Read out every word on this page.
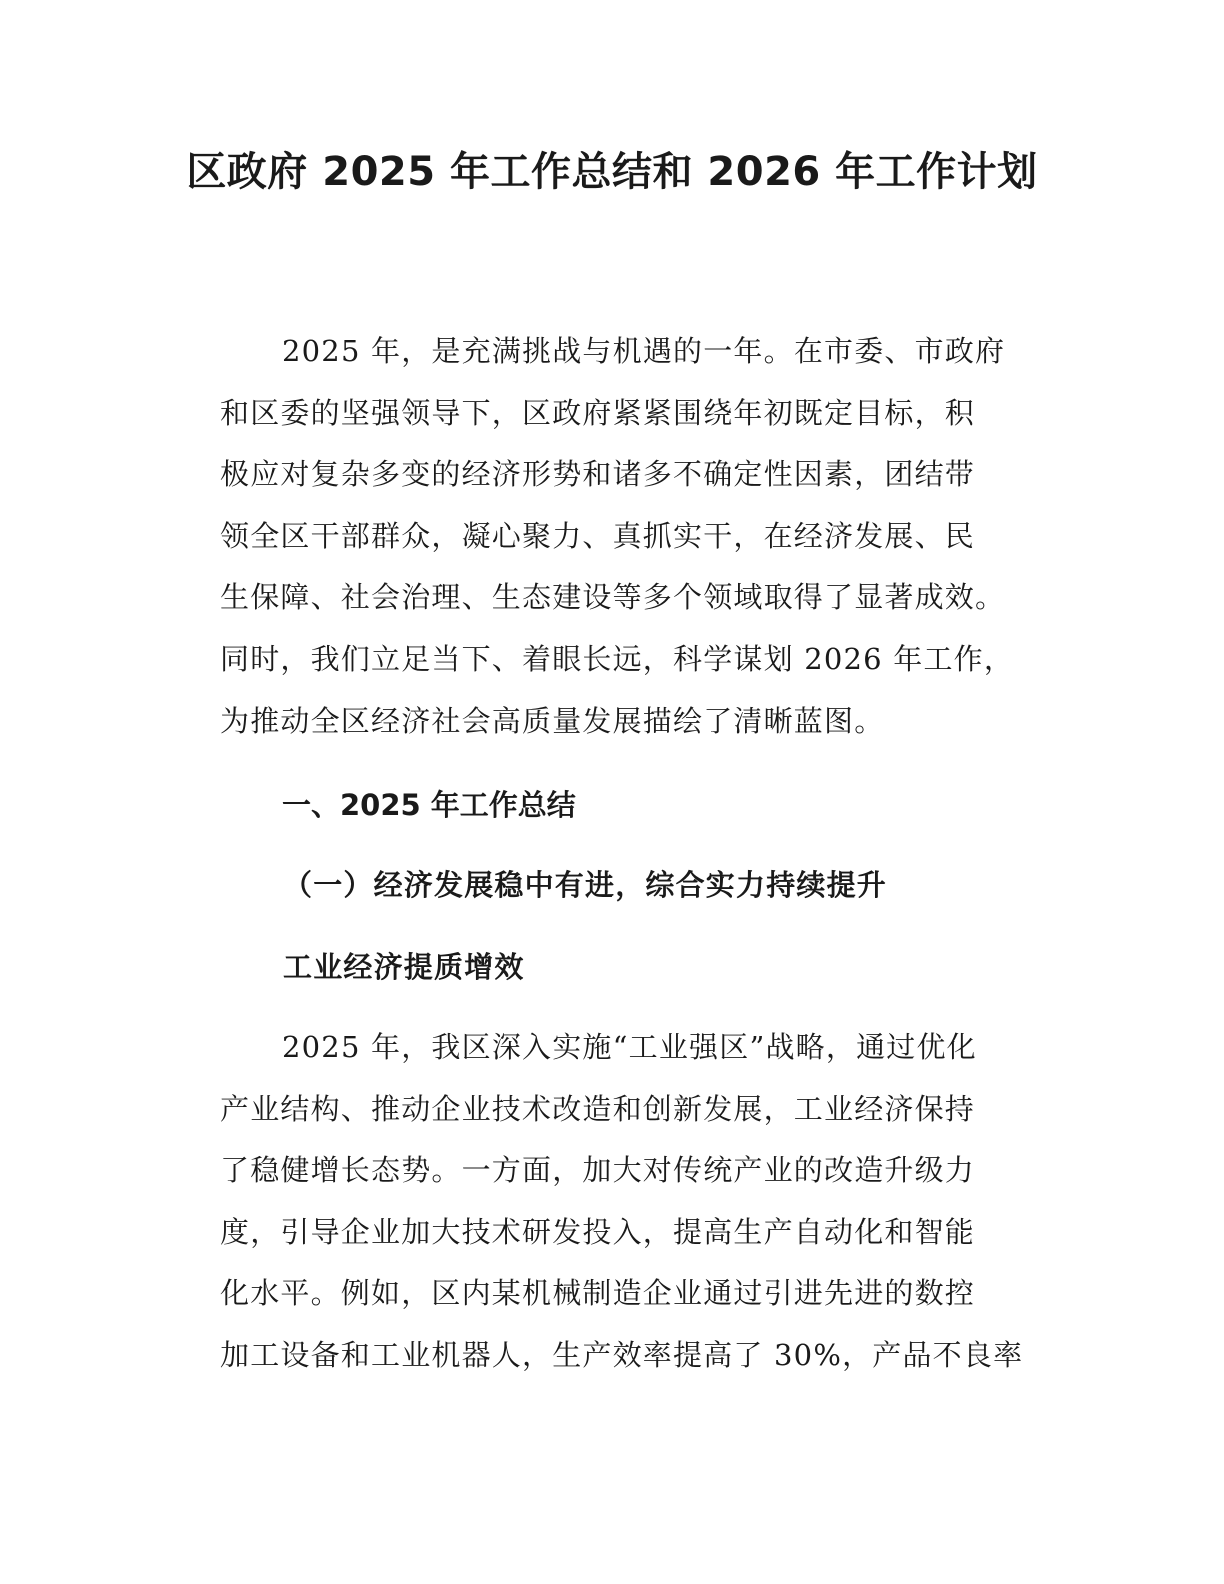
区政府 2025 年工作总结和 2026 年工作计划
2025 年，是充满挑战与机遇的一年。在市委、市政府
和区委的坚强领导下，区政府紧紧围绕年初既定目标，积
极应对复杂多变的经济形势和诸多不确定性因素，团结带
领全区干部群众，凝心聚力、真抓实干，在经济发展、民
生保障、社会治理、生态建设等多个领域取得了显著成效。
同时，我们立足当下、着眼长远，科学谋划 2026 年工作，
为推动全区经济社会高质量发展描绘了清晰蓝图。
一、2025 年工作总结
（一）经济发展稳中有进，综合实力持续提升
工业经济提质增效
2025 年，我区深入实施“工业强区”战略，通过优化
产业结构、推动企业技术改造和创新发展，工业经济保持
了稳健增长态势。一方面，加大对传统产业的改造升级力
度，引导企业加大技术研发投入，提高生产自动化和智能
化水平。例如，区内某机械制造企业通过引进先进的数控
加工设备和工业机器人，生产效率提高了 30%，产品不良率
